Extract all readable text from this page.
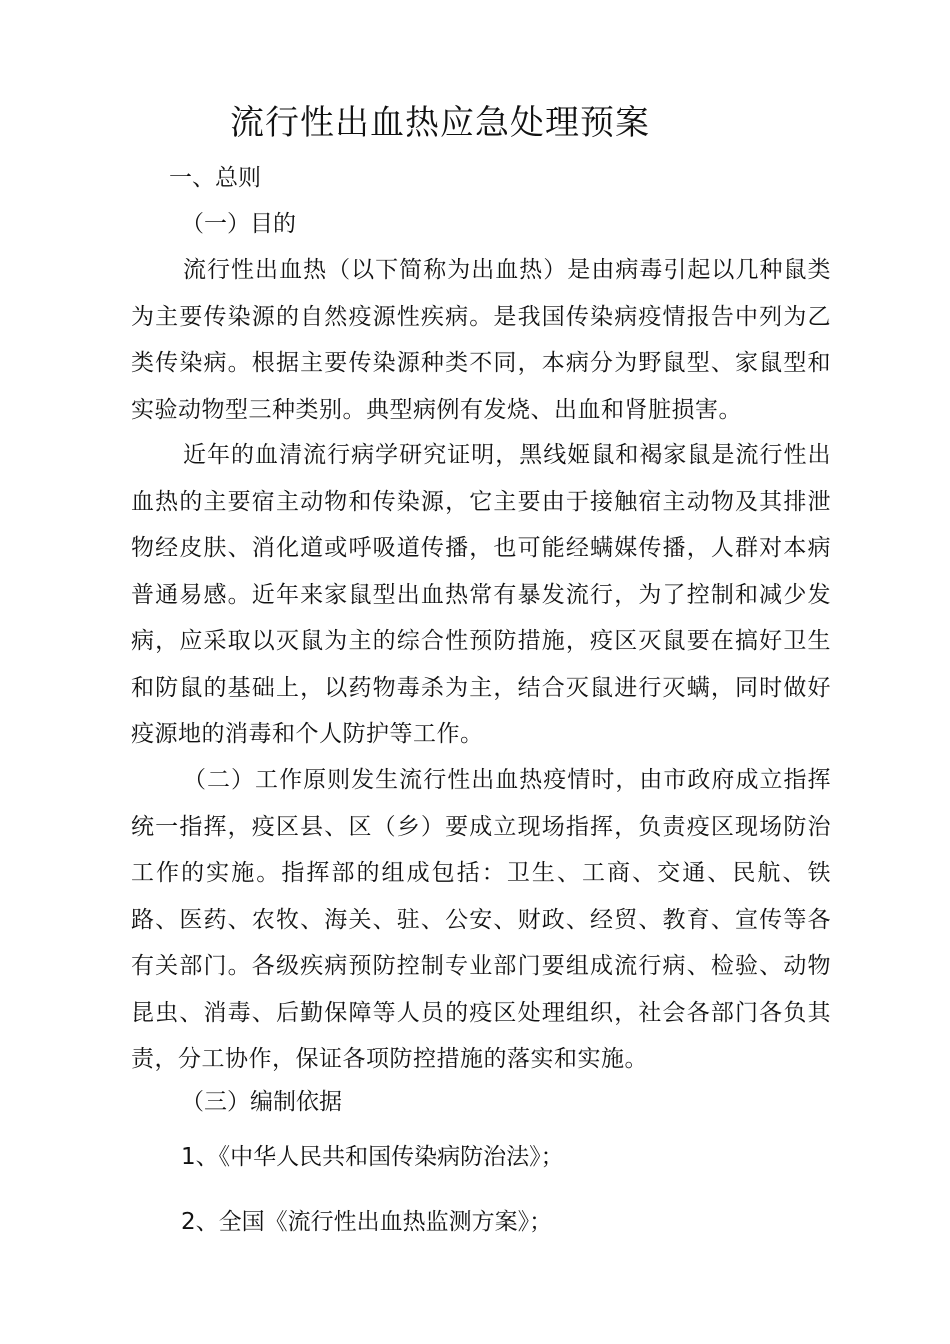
流行性出血热应急处理预案

一、总则

（一）目的

流行性出血热（以下简称为出血热）是由病毒引起以几种鼠类为主要传染源的自然疫源性疾病。是我国传染病疫情报告中列为乙类传染病。根据主要传染源种类不同，本病分为野鼠型、家鼠型和实验动物型三种类别。典型病例有发烧、出血和肾脏损害。

近年的血清流行病学研究证明，黑线姬鼠和褐家鼠是流行性出血热的主要宿主动物和传染源，它主要由于接触宿主动物及其排泄物经皮肤、消化道或呼吸道传播，也可能经螨媒传播，人群对本病普通易感。近年来家鼠型出血热常有暴发流行，为了控制和减少发病，应采取以灭鼠为主的综合性预防措施，疫区灭鼠要在搞好卫生和防鼠的基础上，以药物毒杀为主，结合灭鼠进行灭螨，同时做好疫源地的消毒和个人防护等工作。

（二）工作原则发生流行性出血热疫情时，由市政府成立指挥统一指挥，疫区县、区（乡）要成立现场指挥，负责疫区现场防治工作的实施。指挥部的组成包括：卫生、工商、交通、民航、铁路、医药、农牧、海关、驻、公安、财政、经贸、教育、宣传等各有关部门。各级疾病预防控制专业部门要组成流行病、检验、动物昆虫、消毒、后勤保障等人员的疫区处理组织，社会各部门各负其责，分工协作，保证各项防控措施的落实和实施。

（三）编制依据

1、《中华人民共和国传染病防治法》；

2、全国《流行性出血热监测方案》；
